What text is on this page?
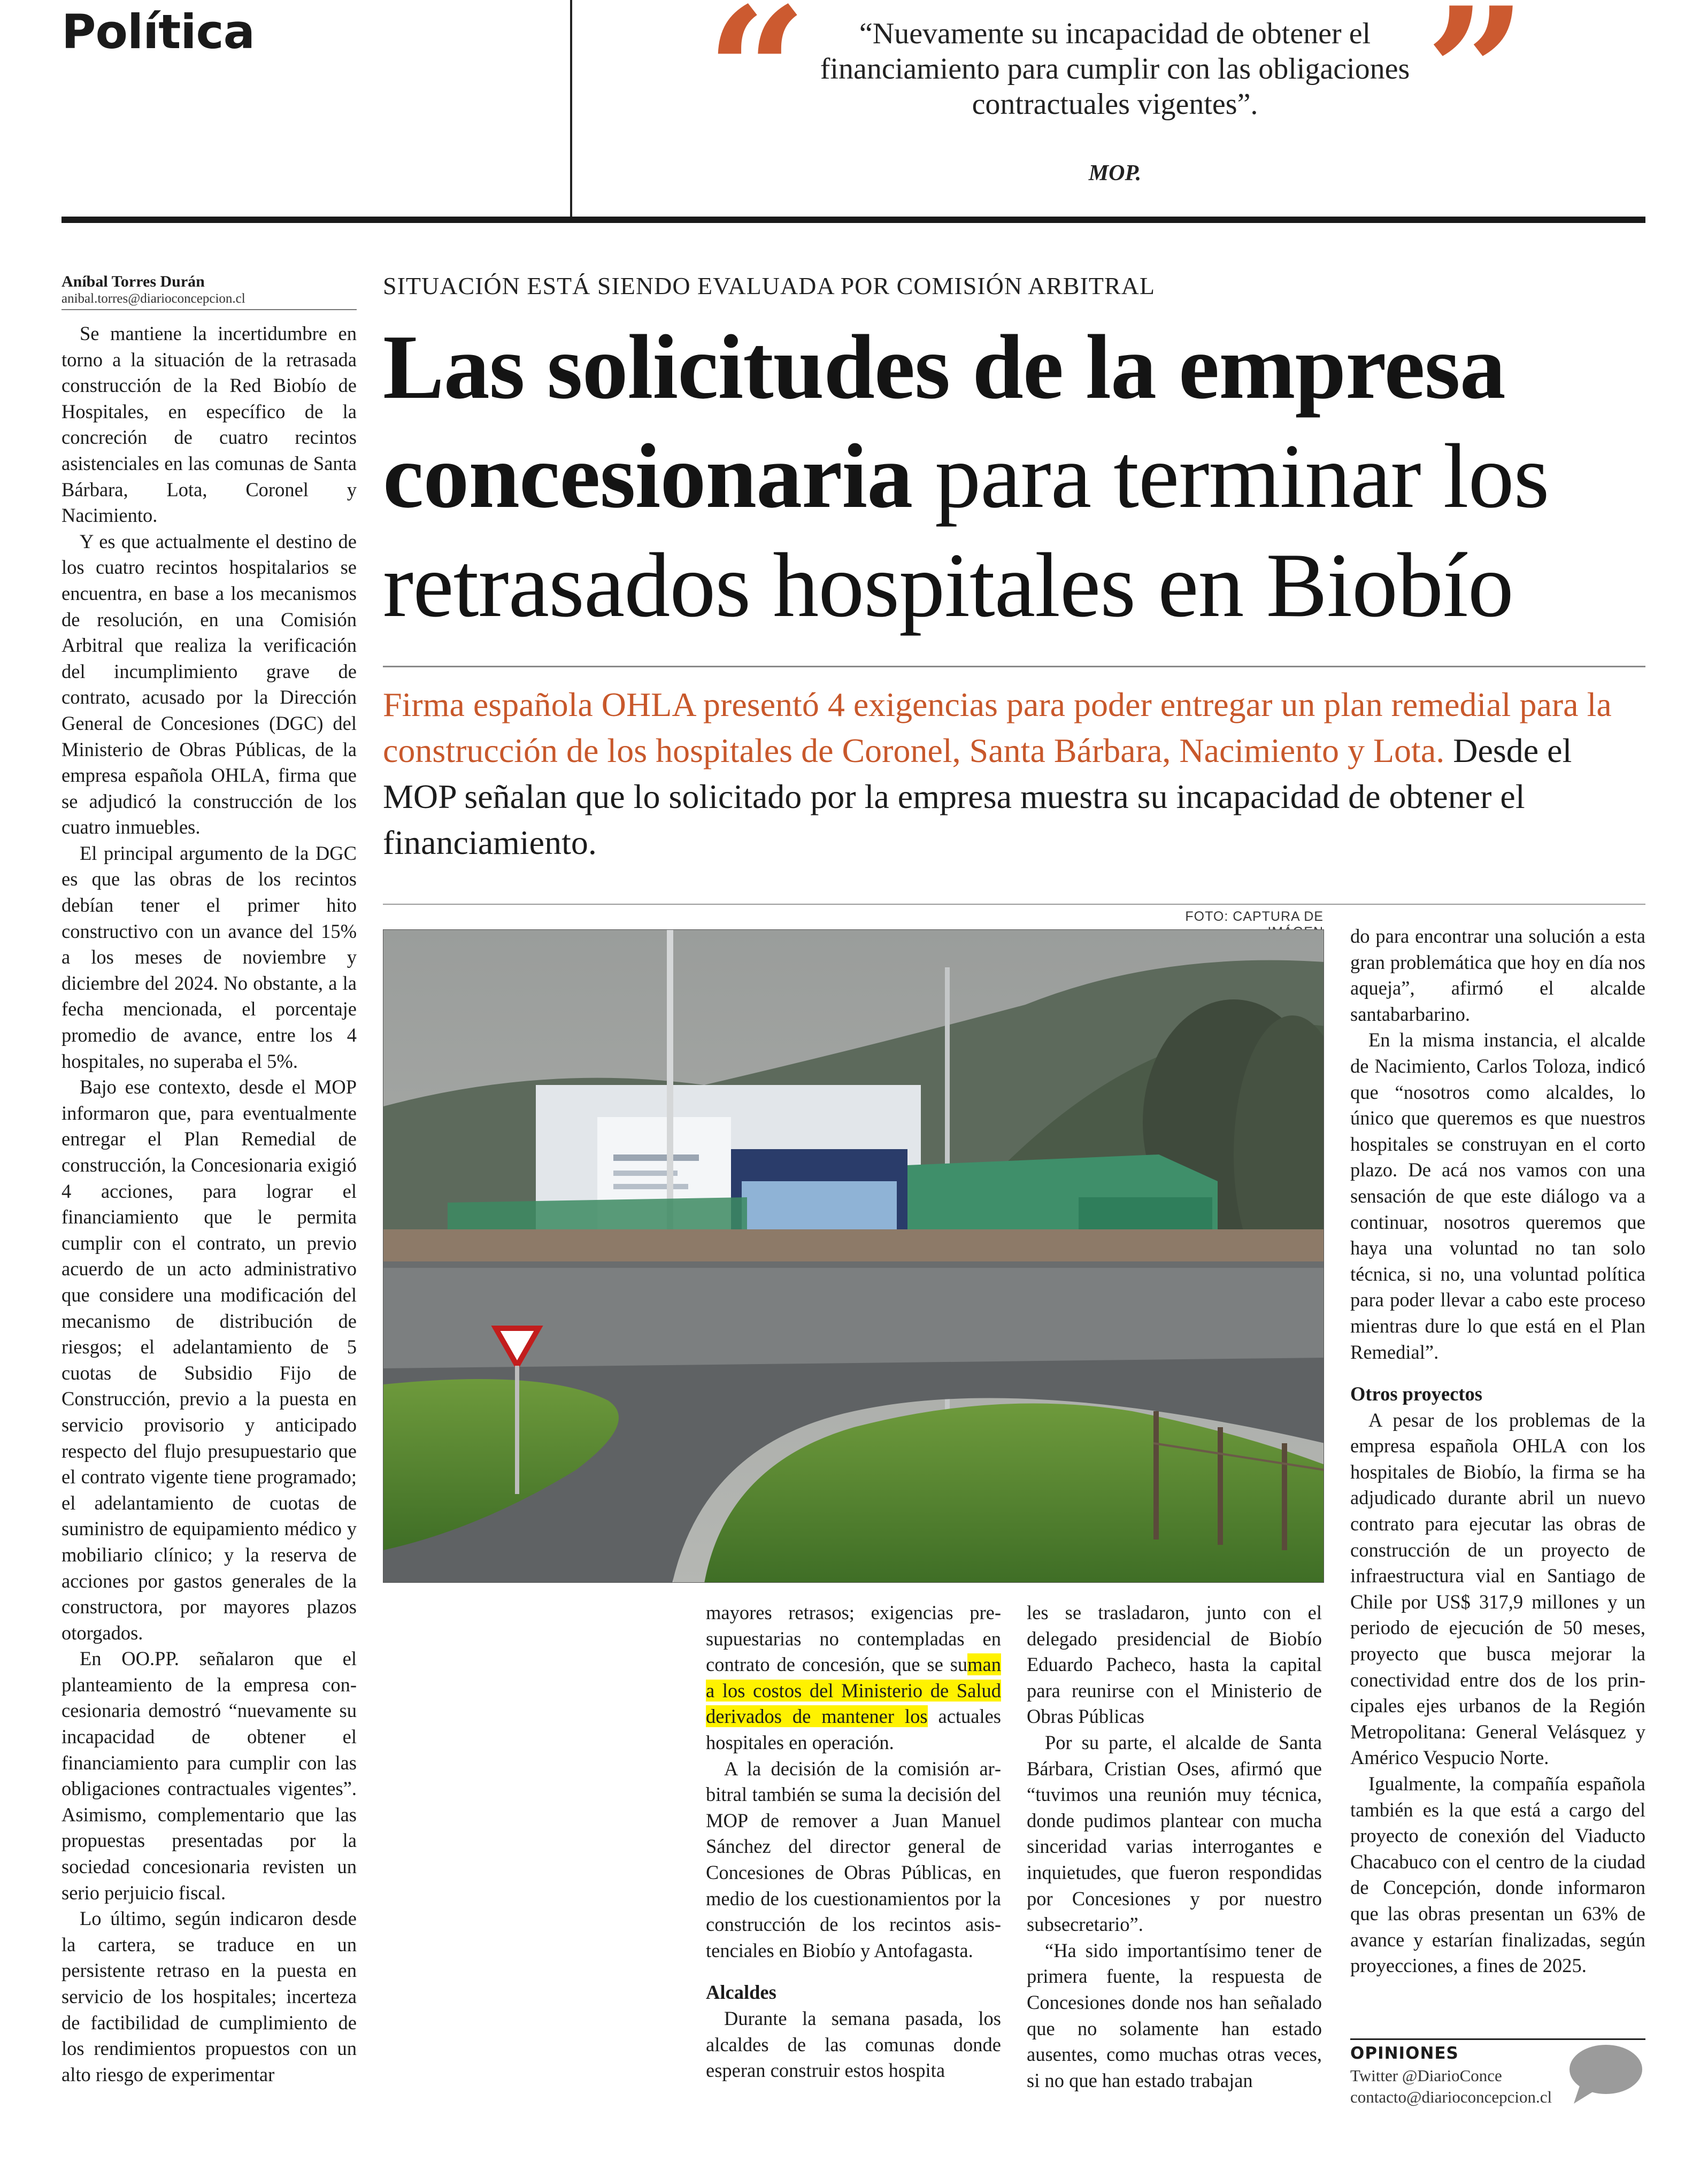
Política	“	“Nuevamente su incapacidad de obtener el financiamiento para cumplir con las obligaciones contractuales vigentes”.
MOP.	”
Aníbal Torres Durán
anibal.torres@diarioconcepcion.cl	SITUACIÓN ESTÁ SIENDO EVALUADA POR COMISIÓN ARBITRAL
Las solicitudes de la empresa concesionaria para terminar los retrasados hospitales en Biobío
Firma española OHLA presentó 4 exigencias para poder entregar un plan remedial para la construcción de los hospitales de Coronel, Santa Bárbara, Nacimiento y Lota. Desde el MOP señalan que lo solicitado por la empresa muestra su incapacidad de obtener el financiamiento.

Se mantiene la incertidumbre en torno a la situación de la retrasada construcción de la Red Biobío de Hospitales, en específico de la concreción de cuatro recintos asistenciales en las comunas de Santa Bárbara, Lota, Coronel y Nacimiento.

Y es que actualmente el destino de los cuatro recintos hospitalarios se encuentra, en base a los mecanismos de resolución, en una Comisión Arbitral que realiza la verificación del incumplimiento grave de contrato, acusado por la Dirección General de Concesiones (DGC) del Ministerio de Obras Públicas, de la empresa española OHLA, firma que se adjudicó la construcción de los cuatro inmuebles.

El principal argumento de la DGC es que las obras de los recintos debían tener el primer hito constructivo con un avance del 15% a los meses de noviembre y diciembre del 2024. No obstante, a la fecha mencionada, el porcentaje promedio de avance, entre los 4 hospitales, no superaba el 5%.

Bajo ese contexto, desde el MOP informaron que, para eventualmente entregar el Plan Remedial de construcción, la Concesionaria exigió 4 acciones, para lograr el financiamiento que le permita cumplir con el contrato, un previo acuerdo de un acto administrativo que considere una modificación del mecanismo de distribución de riesgos; el adelantamiento de 5 cuotas de Subsidio Fijo de Construcción, previo a la puesta en servicio provisorio y anticipado respecto del flujo presupuestario que el contrato vigente tiene programado; el adelantamiento de cuotas de suministro de equipamiento médico y mobiliario clínico; y la reserva de acciones por gastos generales de la constructora, por mayores plazos otorgados.

En OO.PP. señalaron que el planteamiento de la empresa concesionaria demostró “nuevamente su incapacidad de obtener el financiamiento para cumplir con las obligaciones contractuales vigentes”. Asimismo, complementario que las propuestas presentadas por la sociedad concesionaria revisten un serio perjuicio fiscal.

Lo último, según indicaron desde la cartera, se traduce en un persistente retraso en la puesta en servicio de los hospitales; incerteza de factibilidad de cumplimiento de los rendimientos propuestos con un alto riesgo de experimentar

FOTO: CAPTURA DE

mayores retrasos; exigencias presupuestarias no contempladas en contrato de concesión, que se suman a los costos del Ministerio de Salud derivados de mantener los actuales hospitales en operación.

A la decisión de la comisión arbitral también se suma la decisión del MOP de remover a Juan Manuel Sánchez del director general de Concesiones de Obras Públicas, en medio de los cuestionamientos por la construcción de los recintos asistenciales en Biobío y Antofagasta.

Alcaldes

Durante la semana pasada, los alcaldes de las comunas donde esperan construir estos hospita

les se trasladaron, junto con el delegado presidencial de Biobío Eduardo Pacheco, hasta la capital para reunirse con el Ministerio de Obras Públicas

Por su parte, el alcalde de Santa Bárbara, Cristian Oses, afirmó que “tuvimos una reunión muy técnica, donde pudimos plantear con mucha sinceridad varias interrogantes e inquietudes, que fueron respondidas por Concesiones y por nuestro subsecretario”.

“Ha sido importantísimo tener de primera fuente, la respuesta de Concesiones donde nos han señalado que no solamente han estado ausentes, como muchas otras veces, si no que han estado trabajan

do para encontrar una solución a esta gran problemática que hoy en día nos aqueja”, afirmó el alcalde santabarbarino.

En la misma instancia, el alcalde de Nacimiento, Carlos Toloza, indicó que “nosotros como alcaldes, lo único que queremos es que nuestros hospitales se construyan en el corto plazo. De acá nos vamos con una sensación de que este diálogo va a continuar, nosotros queremos que haya una voluntad no tan solo técnica, si no, una voluntad política para poder llevar a cabo este proceso mientras dure lo que está en el Plan Remedial”.

Otros proyectos

A pesar de los problemas de la empresa española OHLA con los hospitales de Biobío, la firma se ha adjudicado durante abril un nuevo contrato para ejecutar las obras de construcción de un proyecto de infraestructura vial en Santiago de Chile por US$ 317,9 millones y un periodo de ejecución de 50 meses, proyecto que busca mejorar la conectividad entre dos de los principales ejes urbanos de la Región Metropolitana: General Velásquez y Américo Vespucio Norte.

Igualmente, la compañía española también es la que está a cargo del proyecto de conexión del Viaducto Chacabuco con el centro de la ciudad de Concepción, donde informaron que las obras presentan un 63% de avance y estarían finalizadas, según proyecciones, a fines de 2025.

OPINIONES
Twitter @DiarioConce
contacto@diarioconcepcion.cl
